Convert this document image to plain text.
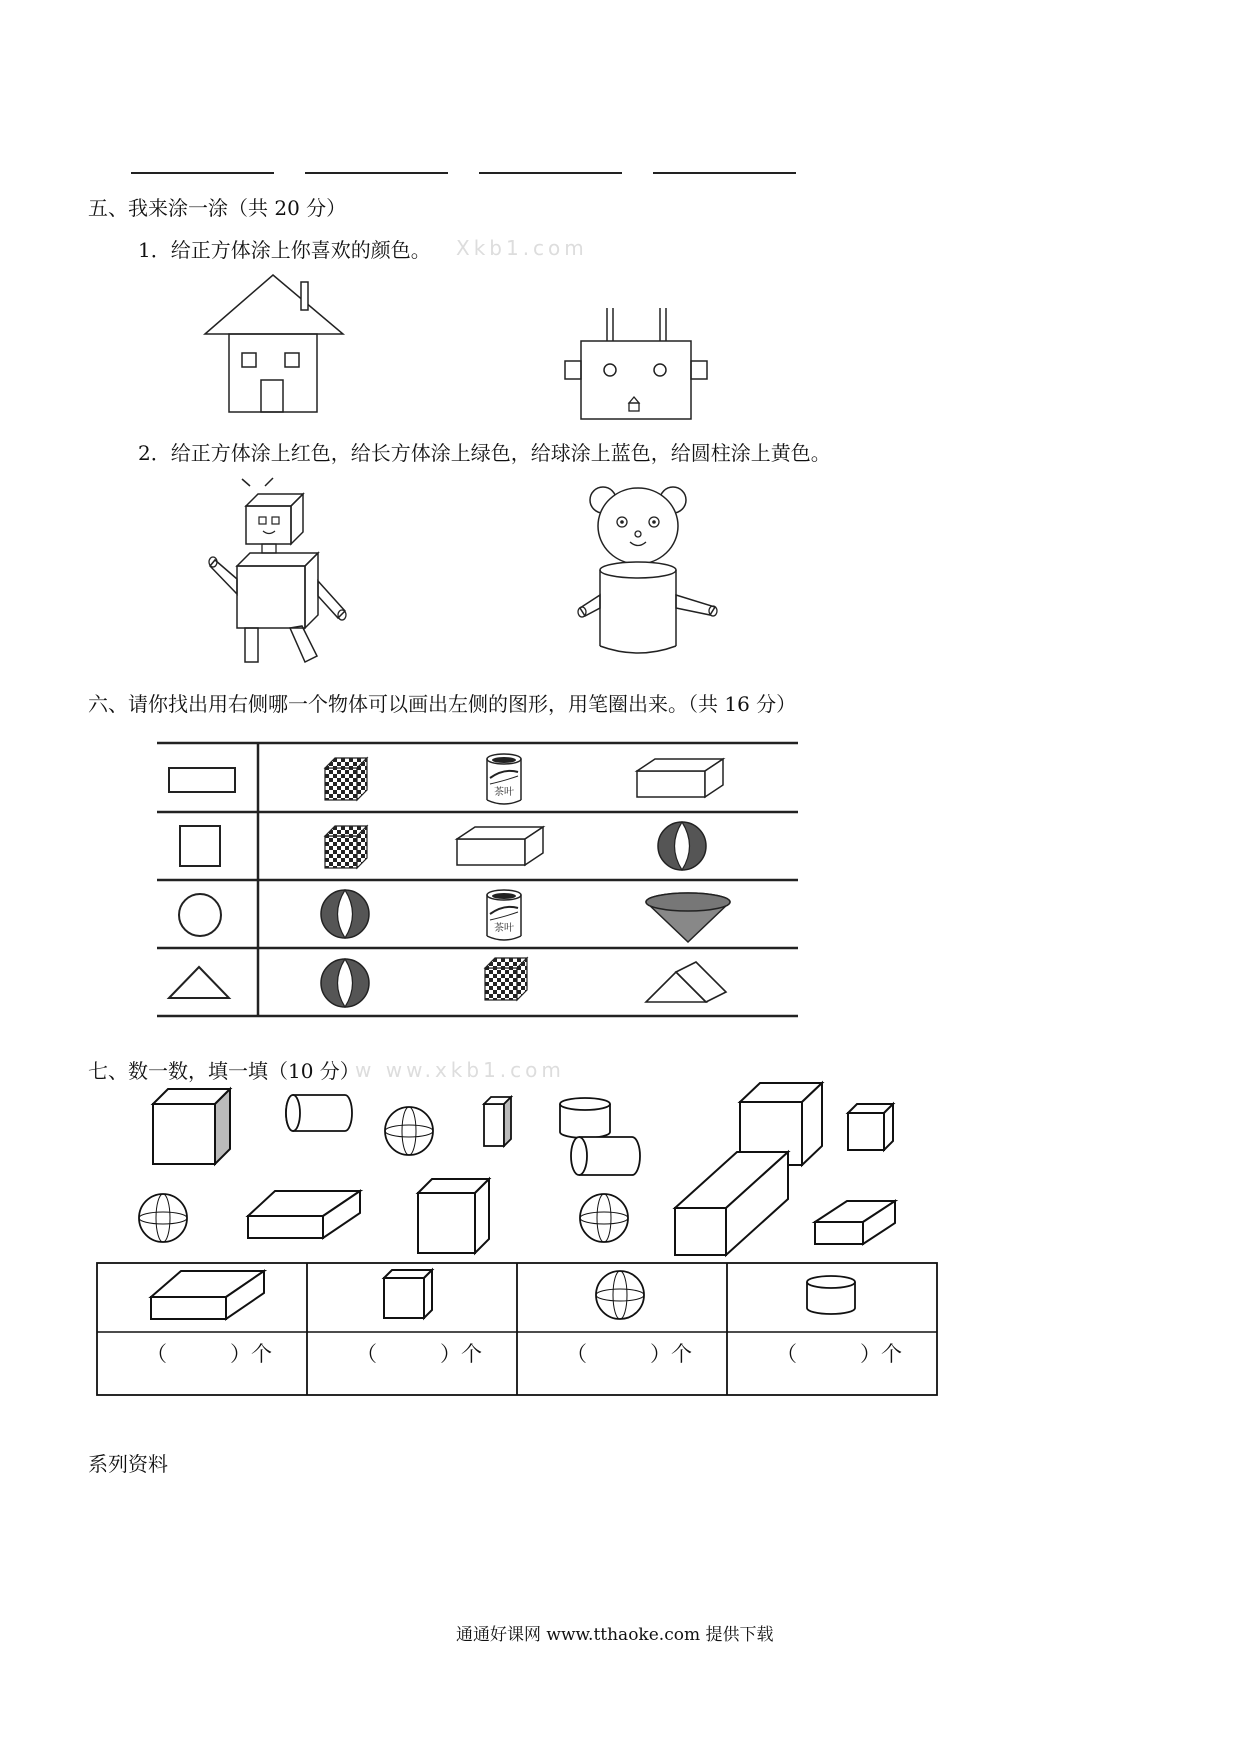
五、我来涂一涂（共 20 分）
1．给正方体涂上你喜欢的颜色。 Xkb1.com
2．给正方体涂上红色，给长方体涂上绿色，给球涂上蓝色，给圆柱涂上黄色。
六、请你找出用右侧哪一个物体可以画出左侧的图形，用笔圈出来。（共 16 分）
茶叶
七、数一数，填一填（10 分）
w ww.xkb1.com
（　　　）个	（　　　）个	（　　　）个	（　　　）个
系列资料
通通好课网 www.tthaoke.com 提供下载
